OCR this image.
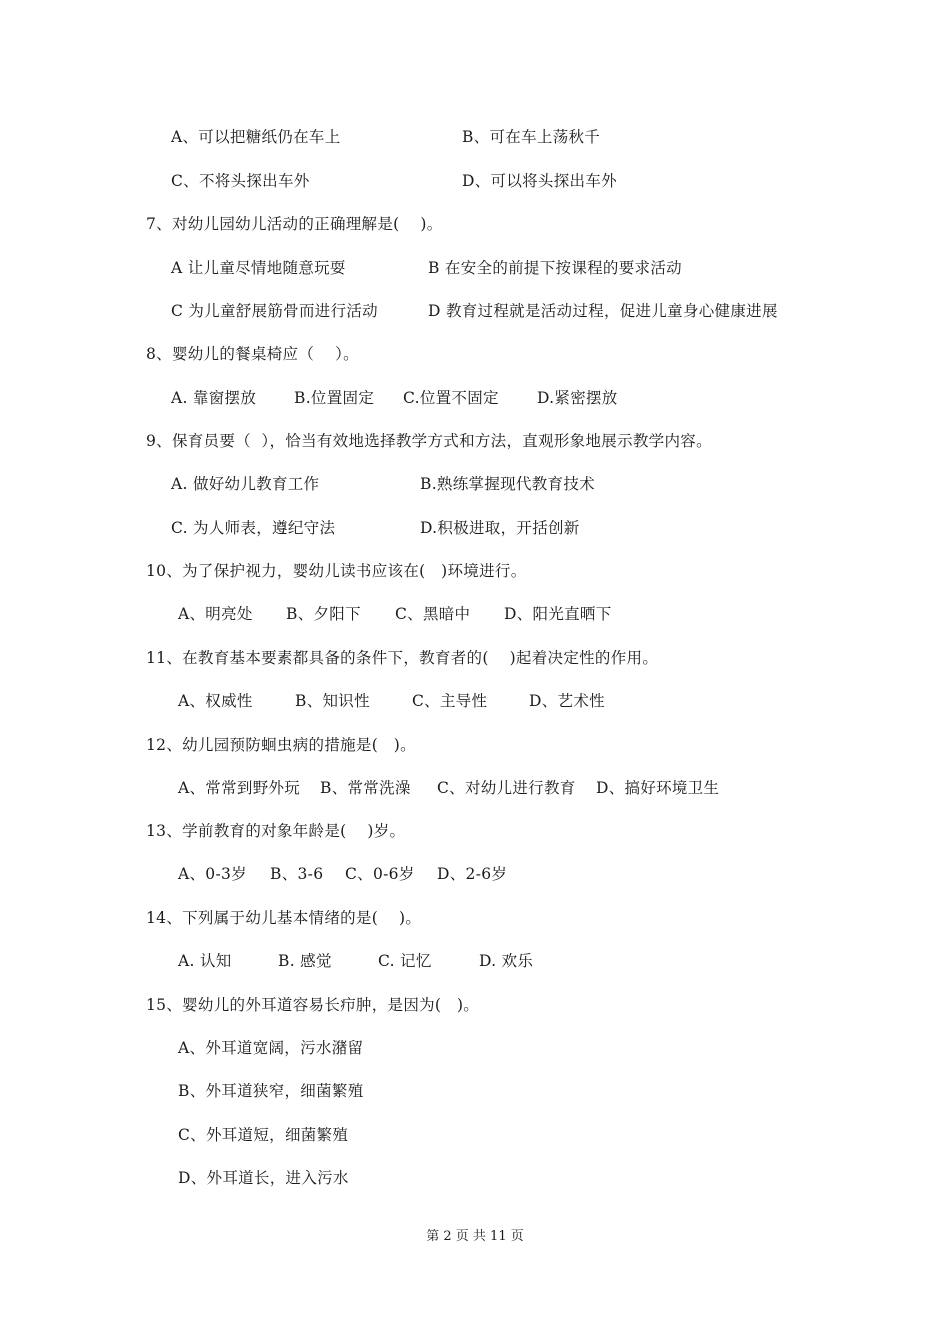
A、可以把糖纸仍在车上	B、可在车上荡秋千
C、不将头探出车外	D、可以将头探出车外
7、对幼儿园幼儿活动的正确理解是(    )。
A 让儿童尽情地随意玩耍	B 在安全的前提下按课程的要求活动
C 为儿童舒展筋骨而进行活动	D 教育过程就是活动过程，促进儿童身心健康进展
8、婴幼儿的餐桌椅应（    ）。
A. 靠窗摆放 B.位置固定 C.位置不固定 D.紧密摆放
9、保育员要（  ），恰当有效地选择教学方式和方法，直观形象地展示教学内容。
A. 做好幼儿教育工作	B.熟练掌握现代教育技术
C. 为人师表，遵纪守法	D.积极进取，开括创新
10、为了保护视力，婴幼儿读书应该在(   )环境进行。
A、明亮处 B、夕阳下 C、黑暗中 D、阳光直晒下
11、在教育基本要素都具备的条件下，教育者的(    )起着决定性的作用。
A、权威性	B、知识性	C、主导性	D、艺术性
12、幼儿园预防蛔虫病的措施是(   )。
A、常常到野外玩 B、常常洗澡 C、对幼儿进行教育 D、搞好环境卫生
13、学前教育的对象年龄是(    )岁。
A、0-3岁 B、3-6 C、0-6岁 D、2-6岁
14、下列属于幼儿基本情绪的是(    )。
A. 认知	B. 感觉	C. 记忆	D. 欢乐
15、婴幼儿的外耳道容易长疖肿，是因为(   )。
A、外耳道宽阔，污水潴留
B、外耳道狭窄，细菌繁殖
C、外耳道短，细菌繁殖
D、外耳道长，进入污水
第 2 页 共 11 页
